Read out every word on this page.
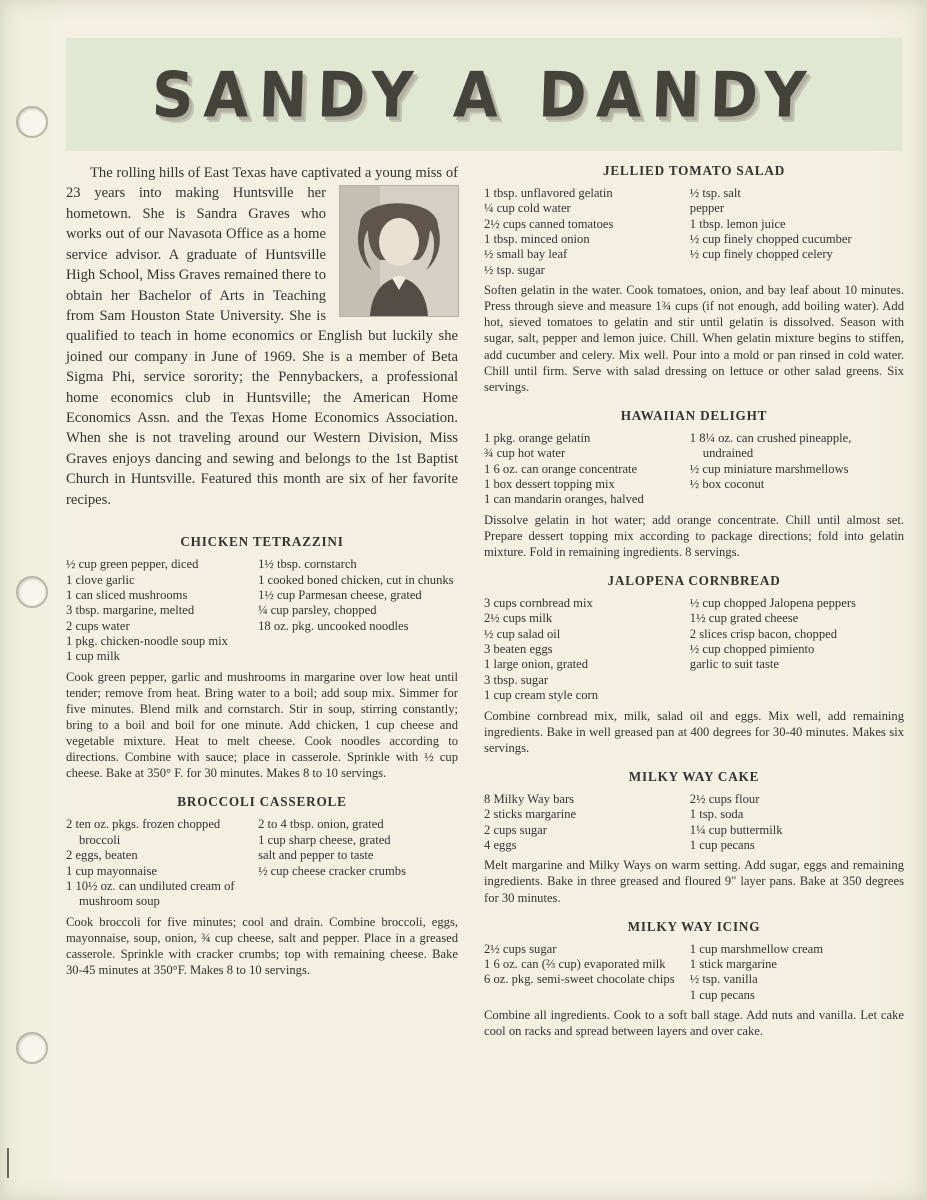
SANDY A DANDY

The rolling hills of East Texas have captivated a young miss of 23 years into making Huntsville
her hometown. She is Sandra Graves who works out of our Navasota Office as a home service advisor. A graduate of Huntsville High School, Miss Graves remained there to obtain her Bachelor of Arts in Teaching from Sam Houston State University. She is qualified to teach in home economics or English but luckily she joined our company in June of 1969. She is a member of Beta Sigma Phi, service sorority; the Pennybackers, a professional home economics club in Huntsville; the American Home Economics Assn. and the Texas Home Economics Association. When she is not traveling around our Western Division, Miss Graves enjoys dancing and sewing and belongs to the 1st Baptist Church in Huntsville. Featured this month are six of her favorite recipes.

CHICKEN TETRAZZINI
½ cup green pepper, diced
1 clove garlic
1 can sliced mushrooms
3 tbsp. margarine, melted
2 cups water
1 pkg. chicken-noodle soup mix
1 cup milk
1½ tbsp. cornstarch
1 cooked boned chicken, cut in chunks
1½ cup Parmesan cheese, grated
¼ cup parsley, chopped
18 oz. pkg. uncooked noodles

Cook green pepper, garlic and mushrooms in margarine over low heat until tender; remove from heat. Bring water to a boil; add soup mix. Simmer for five minutes. Blend milk and cornstarch. Stir in soup, stirring constantly; bring to a boil and boil for one minute. Add chicken, 1 cup cheese and vegetable mixture. Heat to melt cheese. Cook noodles according to directions. Combine with sauce; place in casserole. Sprinkle with ½ cup cheese. Bake at 350° F. for 30 minutes. Makes 8 to 10 servings.

BROCCOLI CASSEROLE
2 ten oz. pkgs. frozen chopped broccoli
2 eggs, beaten
1 cup mayonnaise
1 10½ oz. can undiluted cream of mushroom soup
2 to 4 tbsp. onion, grated
1 cup sharp cheese, grated
salt and pepper to taste
½ cup cheese cracker crumbs

Cook broccoli for five minutes; cool and drain. Combine broccoli, eggs, mayonnaise, soup, onion, ¾ cup cheese, salt and pepper. Place in a greased casserole. Sprinkle with cracker crumbs; top with remaining cheese. Bake 30-45 minutes at 350°F. Makes 8 to 10 servings.

JELLIED TOMATO SALAD
1 tbsp. unflavored gelatin
¼ cup cold water
2½ cups canned tomatoes
1 tbsp. minced onion
½ small bay leaf
½ tsp. sugar
½ tsp. salt
pepper
1 tbsp. lemon juice
½ cup finely chopped cucumber
½ cup finely chopped celery

Soften gelatin in the water. Cook tomatoes, onion, and bay leaf about 10 minutes. Press through sieve and measure 1¾ cups (if not enough, add boiling water). Add hot, sieved tomatoes to gelatin and stir until gelatin is dissolved. Season with sugar, salt, pepper and lemon juice. Chill. When gelatin mixture begins to stiffen, add cucumber and celery. Mix well. Pour into a mold or pan rinsed in cold water. Chill until firm. Serve with salad dressing on lettuce or other salad greens. Six servings.

HAWAIIAN DELIGHT
1 pkg. orange gelatin
¾ cup hot water
1 6 oz. can orange concentrate
1 box dessert topping mix
1 can mandarin oranges, halved
1 8¼ oz. can crushed pineapple, undrained
½ cup miniature marshmellows
½ box coconut

Dissolve gelatin in hot water; add orange concentrate. Chill until almost set. Prepare dessert topping mix according to package directions; fold into gelatin mixture. Fold in remaining ingredients. 8 servings.

JALOPENA CORNBREAD
3 cups cornbread mix
2½ cups milk
½ cup salad oil
3 beaten eggs
1 large onion, grated
3 tbsp. sugar
1 cup cream style corn
½ cup chopped Jalopena peppers
1½ cup grated cheese
2 slices crisp bacon, chopped
½ cup chopped pimiento
garlic to suit taste

Combine cornbread mix, milk, salad oil and eggs. Mix well, add remaining ingredients. Bake in well greased pan at 400 degrees for 30-40 minutes. Makes six servings.

MILKY WAY CAKE
8 Milky Way bars
2 sticks margarine
2 cups sugar
4 eggs
2½ cups flour
1 tsp. soda
1¼ cup buttermilk
1 cup pecans

Melt margarine and Milky Ways on warm setting. Add sugar, eggs and remaining ingredients. Bake in three greased and floured 9" layer pans. Bake at 350 degrees for 30 minutes.

MILKY WAY ICING
2½ cups sugar
1 6 oz. can (⅔ cup) evaporated milk
6 oz. pkg. semi-sweet chocolate chips
1 cup marshmellow cream
1 stick margarine
½ tsp. vanilla
1 cup pecans

Combine all ingredients. Cook to a soft ball stage. Add nuts and vanilla. Let cake cool on racks and spread between layers and over cake.
